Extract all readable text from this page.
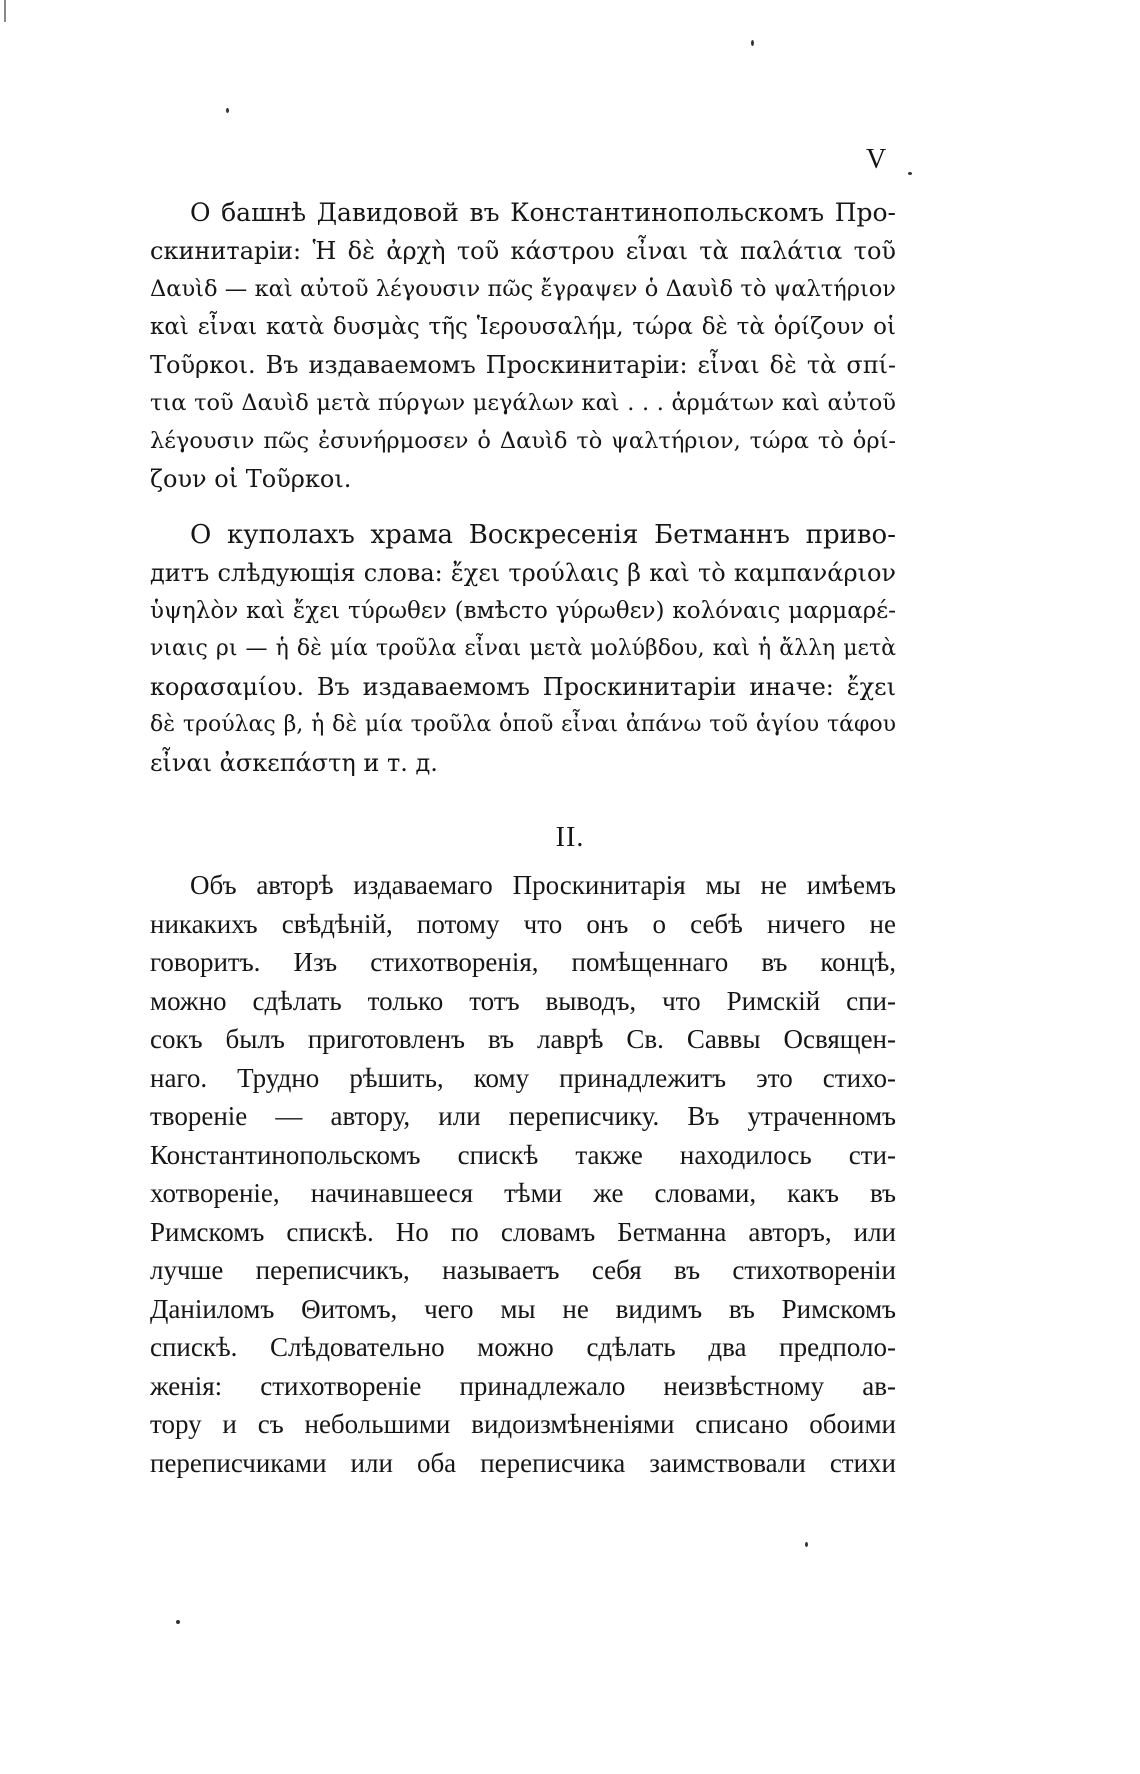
V
О башнѣ Давидовой въ Константинопольскомъ Про-
скинитаріи: Ἡ δὲ ἀρχὴ τοῦ κάστρου εἶναι τὰ παλάτια τοῦ
Δαυὶδ — καὶ αὐτοῦ λέγουσιν πῶς ἔγραψεν ὁ Δαυὶδ τὸ ψαλτήριον
καὶ εἶναι κατὰ δυσμὰς τῆς Ἱερουσαλήμ, τώρα δὲ τὰ ὁρίζουν οἱ
Τοῦρκοι. Въ издаваемомъ Проскинитаріи: εἶναι δὲ τὰ σπί-
τια τοῦ Δαυὶδ μετὰ πύργων μεγάλων καὶ . . . ἁρμάτων καὶ αὐτοῦ
λέγουσιν πῶς ἐσυνήρμοσεν ὁ Δαυὶδ τὸ ψαλτήριον, τώρα τὸ ὁρί-
ζουν οἱ Τοῦρκοι.
О куполахъ храма Воскресенія Бетманнъ приво-
дитъ слѣдующія слова: ἔχει τρούλαις β καὶ τὸ καμπανάριον
ὑψηλὸν καὶ ἔχει τύρωθεν (вмѣсто γύρωθεν) κολόναις μαρμαρέ-
νιαις ρι — ἡ δὲ μία τροῦλα εἶναι μετὰ μολύβδου, καὶ ἡ ἄλλη μετὰ
κορασαμίου. Въ издаваемомъ Проскинитаріи иначе: ἔχει
δὲ τρούλας β, ἡ δὲ μία τροῦλα ὁποῦ εἶναι ἀπάνω τοῦ ἁγίου τάφου
εἶναι ἀσκεπάστη и т. д.
II.
Объ авторѣ издаваемаго Проскинитарія мы не имѣемъ
никакихъ свѣдѣній, потому что онъ о себѣ ничего не
говоритъ. Изъ стихотворенія, помѣщеннаго въ концѣ,
можно сдѣлать только тотъ выводъ, что Римскій спи-
сокъ былъ приготовленъ въ лаврѣ Св. Саввы Освящен-
наго. Трудно рѣшить, кому принадлежитъ это стихо-
твореніе — автору, или переписчику. Въ утраченномъ
Константинопольскомъ спискѣ также находилось сти-
хотвореніе, начинавшееся тѣми же словами, какъ въ
Римскомъ спискѣ. Но по словамъ Бетманна авторъ, или
лучше переписчикъ, называетъ себя въ стихотвореніи
Даніиломъ Θитомъ, чего мы не видимъ въ Римскомъ
спискѣ. Слѣдовательно можно сдѣлать два предполо-
женія: стихотвореніе принадлежало неизвѣстному ав-
тору и съ небольшими видоизмѣненіями списано обоими
переписчиками или оба переписчика заимствовали стихи
